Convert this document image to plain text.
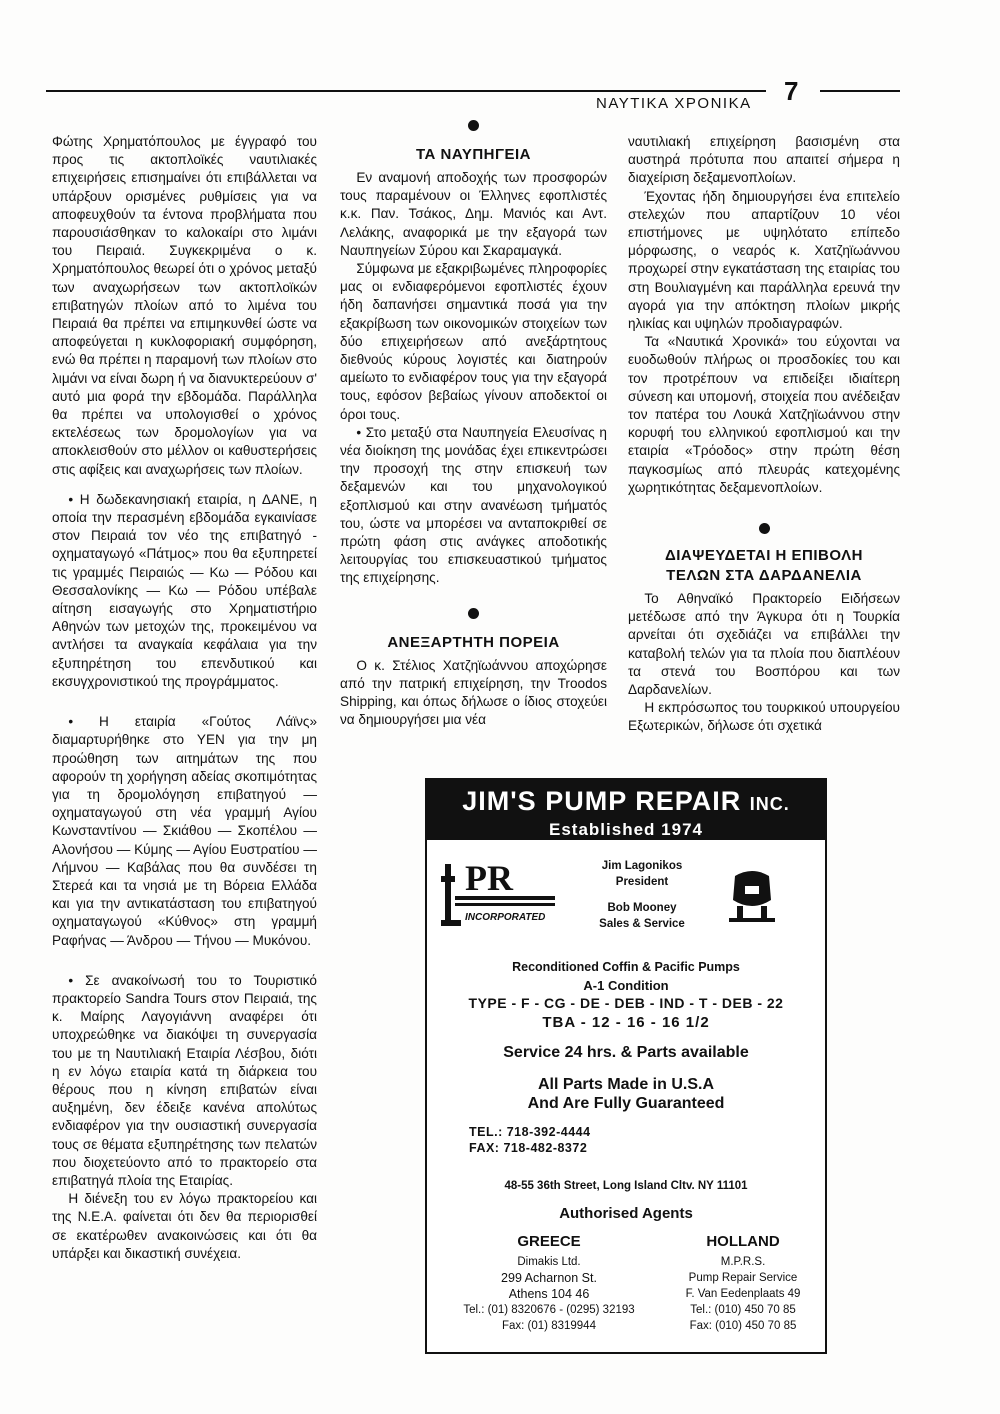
7
ΝΑΥΤΙΚΑ ΧΡΟΝΙΚΑ

Φώτης Χρηματόπουλος με έγγραφό του προς τις ακτοπλοϊκές ναυτιλιακές επιχειρήσεις επισημαίνει ότι επιβάλλεται να υπάρξουν ορισμένες ρυθμίσεις για να αποφευχθούν τα έντονα προβλήματα που παρουσιάσθηκαν το καλοκαίρι στο λιμάνι του Πειραιά. Συγκεκριμένα ο κ. Χρηματόπουλος θεωρεί ότι ο χρόνος μεταξύ των αναχωρήσεων των ακτοπλοϊκών επιβατηγών πλοίων από το λιμένα του Πειραιά θα πρέπει να επιμηκυνθεί ώστε να αποφεύγεται η κυκλοφοριακή συμφόρηση, ενώ θα πρέπει η παραμονή των πλοίων στο λιμάνι να είναι δωρη ή να διανυκτερεύουν σ' αυτό μια φορά την εβδομάδα. Παράλληλα θα πρέπει να υπολογισθεί ο χρόνος εκτελέσεως των δρομολογίων για να αποκλεισθούν στο μέλλον οι καθυστερήσεις στις αφίξεις και αναχωρήσεις των πλοίων.

• Η δωδεκανησιακή εταιρία, η ΔΑΝΕ, η οποία την περασμένη εβδομάδα εγκαινίασε στον Πειραιά τον νέο της επιβατηγό - οχηματαγωγό «Πάτμος» που θα εξυπηρετεί τις γραμμές Πειραιώς — Κω — Ρόδου και Θεσσαλονίκης — Κω — Ρόδου υπέβαλε αίτηση εισαγωγής στο Χρηματιστήριο Αθηνών των μετοχών της, προκειμένου να αντλήσει τα αναγκαία κεφάλαια για την εξυπηρέτηση του επενδυτικού και εκσυγχρονιστικού της προγράμματος.

• Η εταιρία «Γούτος Λάϊνς» διαμαρτυρήθηκε στο ΥΕΝ για την μη προώθηση των αιτημάτων της που αφορούν τη χορήγηση αδείας σκοπιμότητας για τη δρομολόγηση επιβατηγού — οχηματαγωγού στη νέα γραμμή Αγίου Κωνσταντίνου — Σκιάθου — Σκοπέλου — Αλονήσου — Κύμης — Αγίου Ευστρατίου — Λήμνου — Καβάλας που θα συνδέσει τη Στερεά και τα νησιά με τη Βόρεια Ελλάδα και για την αντικατάσταση του επιβατηγού οχηματαγωγού «Κύθνος» στη γραμμή Ραφήνας — Άνδρου — Τήνου — Μυκόνου.

• Σε ανακοίνωσή του το Τουριστικό πρακτορείο Sandra Tours στον Πειραιά, της κ. Μαίρης Λαγογιάννη αναφέρει ότι υποχρεώθηκε να διακόψει τη συνεργασία του με τη Ναυτιλιακή Εταιρία Λέσβου, διότι η εν λόγω εταιρία κατά τη διάρκεια του θέρους που η κίνηση επιβατών είναι αυξημένη, δεν έδειξε κανένα απολύτως ενδιαφέρον για την ουσιαστική συνεργασία τους σε θέματα εξυπηρέτησης των πελατών που διοχετεύοντο από το πρακτορείο στα επιβατηγά πλοία της Εταιρίας.

Η διένεξη του εν λόγω πρακτορείου και της Ν.Ε.Α. φαίνεται ότι δεν θα περιορισθεί σε εκατέρωθεν ανακοινώσεις και ότι θα υπάρξει και δικαστική συνέχεια.

ΤΑ ΝΑΥΠΗΓΕΙΑ

Εν αναμονή αποδοχής των προσφορών τους παραμένουν οι Έλληνες εφοπλιστές κ.κ. Παν. Τσάκος, Δημ. Μανιός και Αντ. Λελάκης, αναφορικά με την εξαγορά των Ναυπηγείων Σύρου και Σκαραμαγκά.

Σύμφωνα με εξακριβωμένες πληροφορίες μας οι ενδιαφερόμενοι εφοπλιστές έχουν ήδη δαπανήσει σημαντικά ποσά για την εξακρίβωση των οικονομικών στοιχείων των δύο επιχειρήσεων από ανεξάρτητους διεθνούς κύρους λογιστές και διατηρούν αμείωτο το ενδιαφέρον τους για την εξαγορά τους, εφόσον βεβαίως γίνουν αποδεκτοί οι όροι τους.

• Στο μεταξύ στα Ναυπηγεία Ελευσίνας η νέα διοίκηση της μονάδας έχει επικεντρώσει την προσοχή της στην επισκευή των δεξαμενών και του μηχανολογικού εξοπλισμού και στην ανανέωση τμήματός του, ώστε να μπορέσει να ανταποκριθεί σε πρώτη φάση στις ανάγκες αποδοτικής λειτουργίας του επισκευαστικού τμήματος της επιχείρησης.

ΑΝΕΞΑΡΤΗΤΗ ΠΟΡΕΙΑ

Ο κ. Στέλιος Χατζηϊωάννου αποχώρησε από την πατρική επιχείρηση, την Troodos Shipping, και όπως δήλωσε ο ίδιος στοχεύει να δημιουργήσει μια νέα

ναυτιλιακή επιχείρηση βασισμένη στα αυστηρά πρότυπα που απαιτεί σήμερα η διαχείριση δεξαμενοπλοίων.

Έχοντας ήδη δημιουργήσει ένα επιτελείο στελεχών που απαρτίζουν 10 νέοι επιστήμονες με υψηλότατο επίπεδο μόρφωσης, ο νεαρός κ. Χατζηϊωάννου προχωρεί στην εγκατάσταση της εταιρίας του στη Βουλιαγμένη και παράλληλα ερευνά την αγορά για την απόκτηση πλοίων μικρής ηλικίας και υψηλών προδιαγραφών.

Τα «Ναυτικά Χρονικά» του εύχονται να ευοδωθούν πλήρως οι προσδοκίες του και τον προτρέπουν να επιδείξει ιδιαίτερη σύνεση και υπομονή, στοιχεία που ανέδειξαν τον πατέρα του Λουκά Χατζηϊωάννου στην κορυφή του ελληνικού εφοπλισμού και την εταιρία «Τρόοδος» στην πρώτη θέση παγκοσμίως από πλευράς κατεχομένης χωρητικότητας δεξαμενοπλοίων.

ΔΙΑΨΕΥΔΕΤΑΙ Η ΕΠΙΒΟΛΗ ΤΕΛΩΝ ΣΤΑ ΔΑΡΔΑΝΕΛΙΑ

Το Αθηναϊκό Πρακτορείο Ειδήσεων μετέδωσε από την Άγκυρα ότι η Τουρκία αρνείται ότι σχεδιάζει να επιβάλλει την καταβολή τελών για τα πλοία που διαπλέουν τα στενά του Βοσπόρου και των Δαρδανελίων.

Η εκπρόσωπος του τουρκικού υπουργείου Εξωτερικών, δήλωσε ότι σχετικά

JIM'S PUMP REPAIR INC.
Established 1974
PR
INCORPORATED
Jim Lagonikos
President
Bob Mooney
Sales & Service
Reconditioned Coffin & Pacific Pumps
A-1 Condition
TYPE - F - CG - DE - DEB - IND - T - DEB - 22
TBA - 12 - 16 - 16 1/2
Service 24 hrs. & Parts available
All Parts Made in U.S.A
And Are Fully Guaranteed
TEL.: 718-392-4444
FAX: 718-482-8372
48-55 36th Street, Long Island Cltv. NY 11101
Authorised Agents
GREECE
Dimakis Ltd.
299 Acharnon St.
Athens 104 46
Tel.: (01) 8320676 - (0295) 32193
Fax: (01) 8319944
HOLLAND
M.P.R.S.
Pump Repair Service
F. Van Eedenplaats 49
Tel.: (010) 450 70 85
Fax: (010) 450 70 85
